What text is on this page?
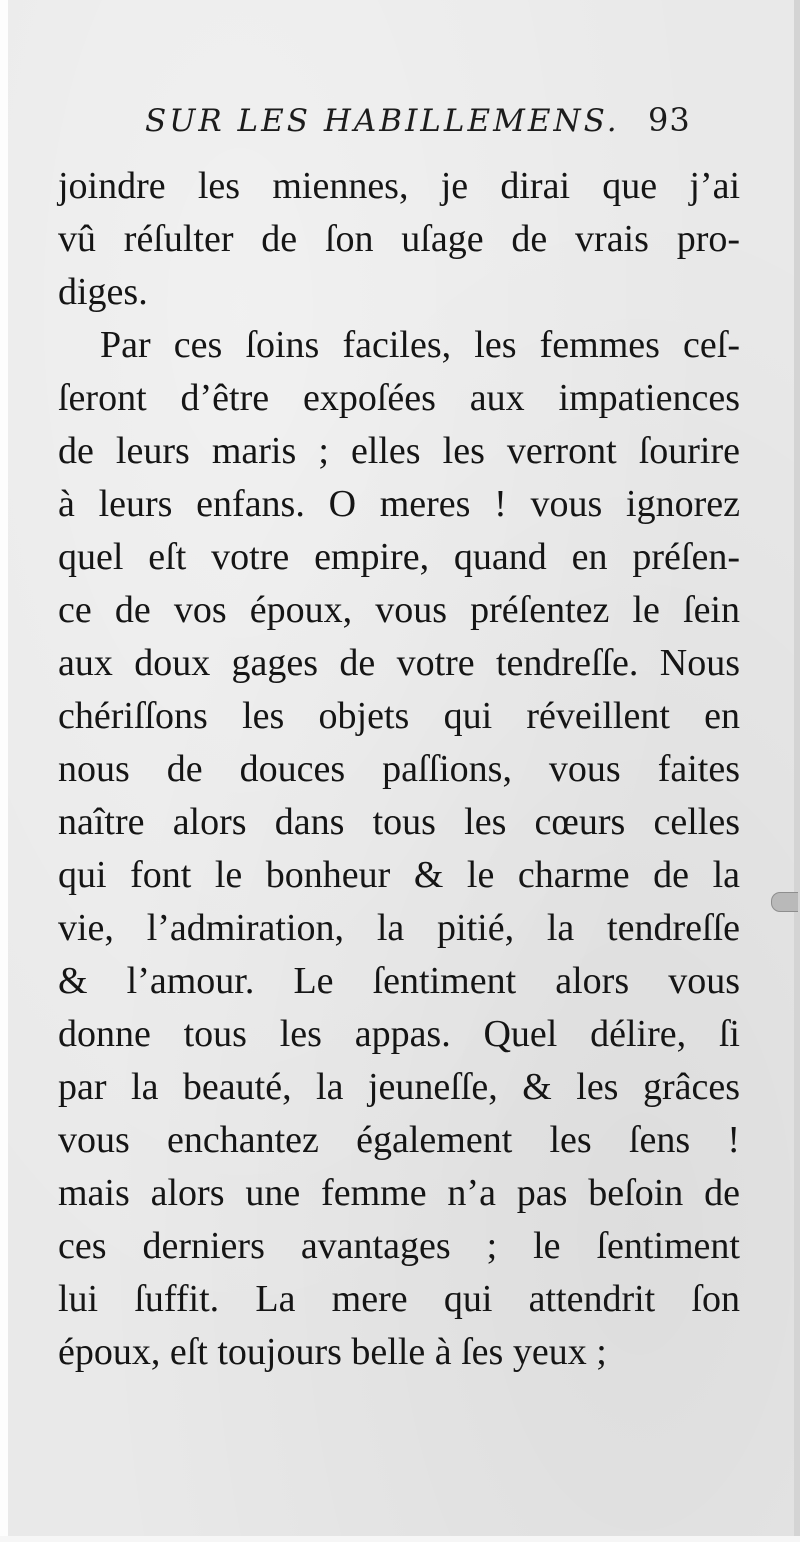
SUR LES HABILLEMENS. 93
joindre les miennes, je dirai que j’ai
vû réſulter de ſon uſage de vrais pro-
diges.
Par ces ſoins faciles, les femmes ceſ-
ſeront d’être expoſées aux impatiences
de leurs maris ; elles les verront ſourire
à leurs enfans. O meres ! vous ignorez
quel eſt votre empire, quand en préſen-
ce de vos époux, vous préſentez le ſein
aux doux gages de votre tendreſſe. Nous
chériſſons les objets qui réveillent en
nous de douces paſſions, vous faites
naître alors dans tous les cœurs celles
qui font le bonheur & le charme de la
vie, l’admiration, la pitié, la tendreſſe
& l’amour. Le ſentiment alors vous
donne tous les appas. Quel délire, ſi
par la beauté, la jeuneſſe, & les grâces
vous enchantez également les ſens !
mais alors une femme n’a pas beſoin de
ces derniers avantages ; le ſentiment
lui ſuffit. La mere qui attendrit ſon
époux, eſt toujours belle à ſes yeux ;
